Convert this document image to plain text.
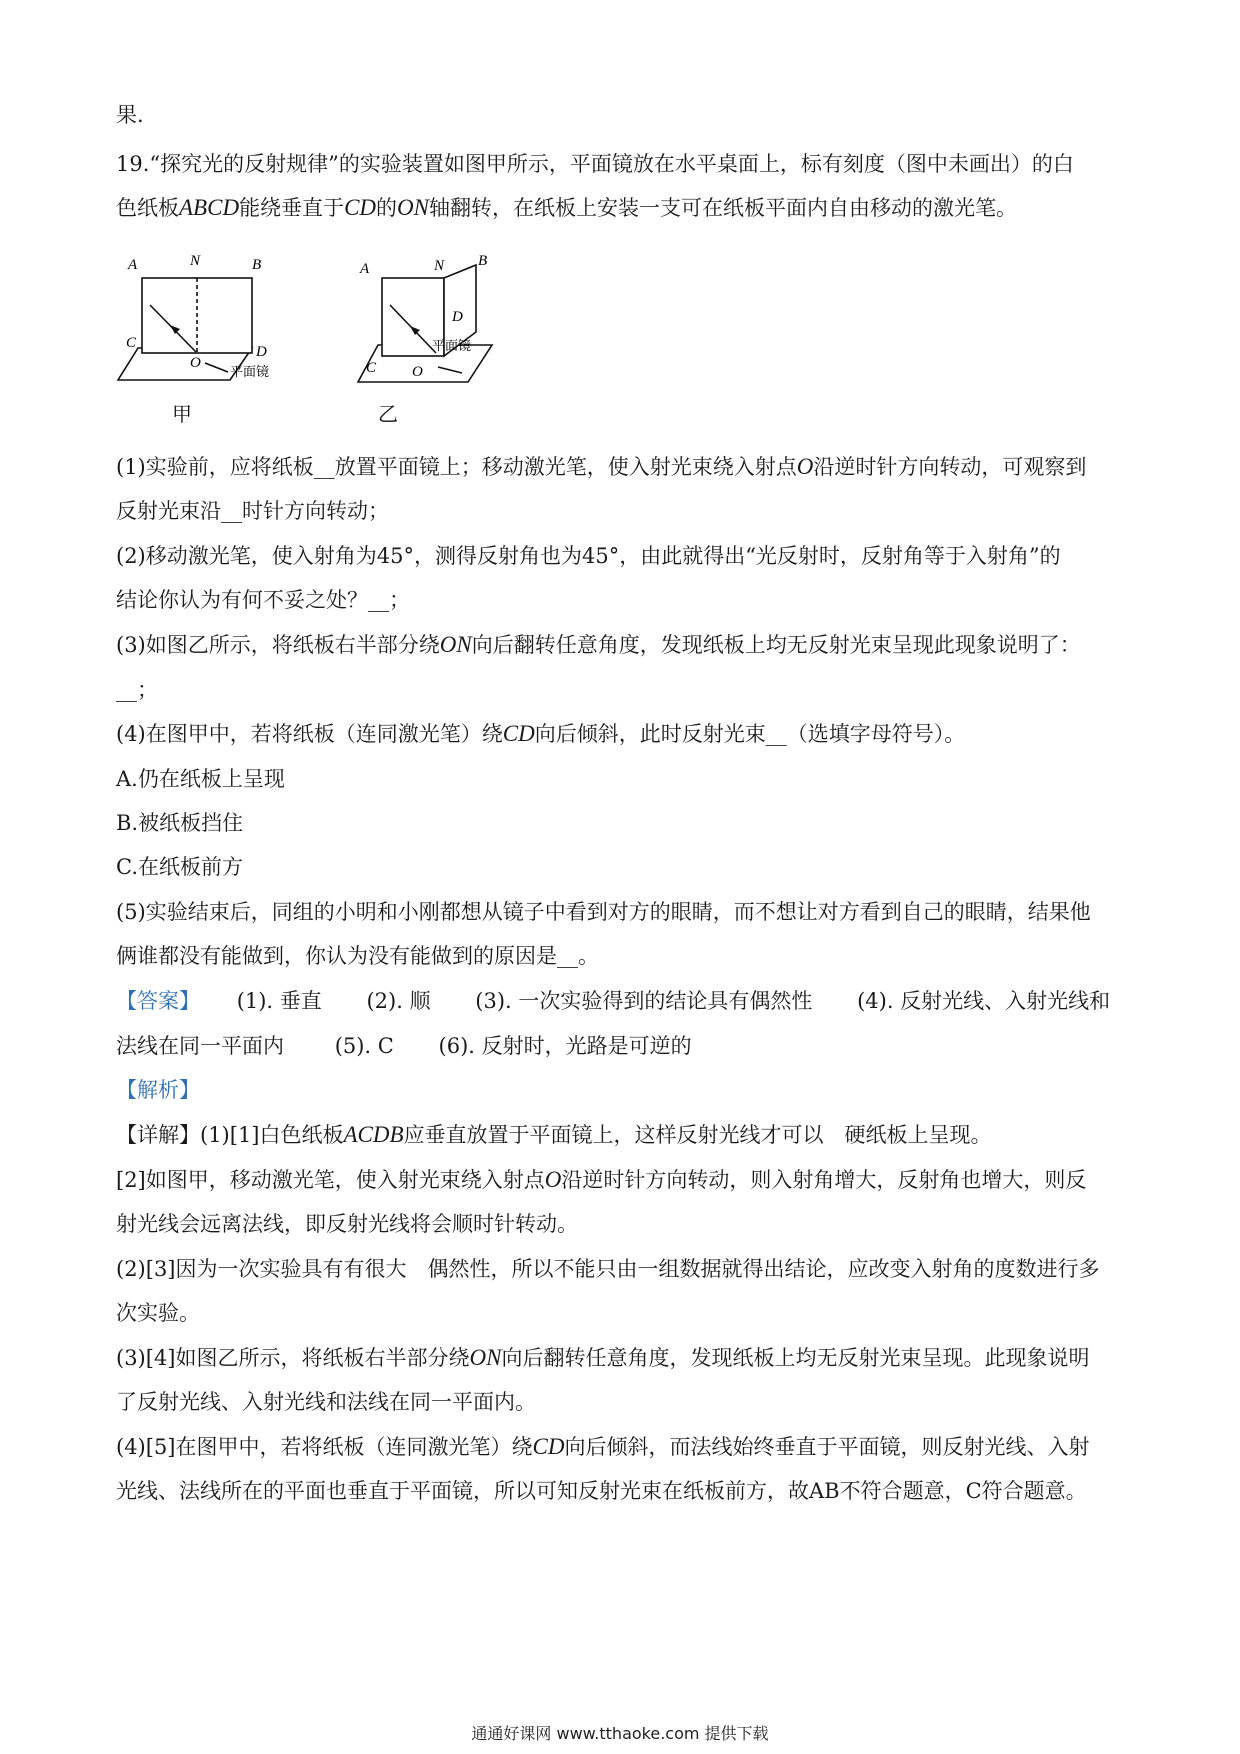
果.
19.“探究光的反射规律”的实验装置如图甲所示，平面镜放在水平桌面上，标有刻度（图中未画出）的白
色纸板ABCD能绕垂直于CD的ON轴翻转，在纸板上安装一支可在纸板平面内自由移动的激光笔。
A	N	B
C
O
D
平面镜
甲
A	N B
C O
D
平面镜
乙
(1)实验前，应将纸板__放置平面镜上；移动激光笔，使入射光束绕入射点O沿逆时针方向转动，可观察到
反射光束沿__时针方向转动；
(2)移动激光笔，使入射角为45°，测得反射角也为45°，由此就得出“光反射时，反射角等于入射角”的
结论你认为有何不妥之处？__；
(3)如图乙所示，将纸板右半部分绕ON向后翻转任意角度，发现纸板上均无反射光束呈现此现象说明了：
__；
(4)在图甲中，若将纸板（连同激光笔）绕CD向后倾斜，此时反射光束__（选填字母符号）。
A.仍在纸板上呈现
B.被纸板挡住
C.在纸板前方
(5)实验结束后，同组的小明和小刚都想从镜子中看到对方的眼睛，而不想让对方看到自己的眼睛，结果他
俩谁都没有能做到，你认为没有能做到的原因是__。
【答案】 (1). 垂直 (2). 顺 (3). 一次实验得到的结论具有偶然性 (4). 反射光线、入射光线和
法线在同一平面内 (5). C (6). 反射时，光路是可逆的
【解析】
【详解】(1)[1]白色纸板ACDB应垂直放置于平面镜上，这样反射光线才可以　硬纸板上呈现。
[2]如图甲，移动激光笔，使入射光束绕入射点O沿逆时针方向转动，则入射角增大，反射角也增大，则反
射光线会远离法线，即反射光线将会顺时针转动。
(2)[3]因为一次实验具有有很大　偶然性，所以不能只由一组数据就得出结论，应改变入射角的度数进行多
次实验。
(3)[4]如图乙所示，将纸板右半部分绕ON向后翻转任意角度，发现纸板上均无反射光束呈现。此现象说明
了反射光线、入射光线和法线在同一平面内。
(4)[5]在图甲中，若将纸板（连同激光笔）绕CD向后倾斜，而法线始终垂直于平面镜，则反射光线、入射
光线、法线所在的平面也垂直于平面镜，所以可知反射光束在纸板前方，故AB不符合题意，C符合题意。
通通好课网 www.tthaoke.com 提供下载
